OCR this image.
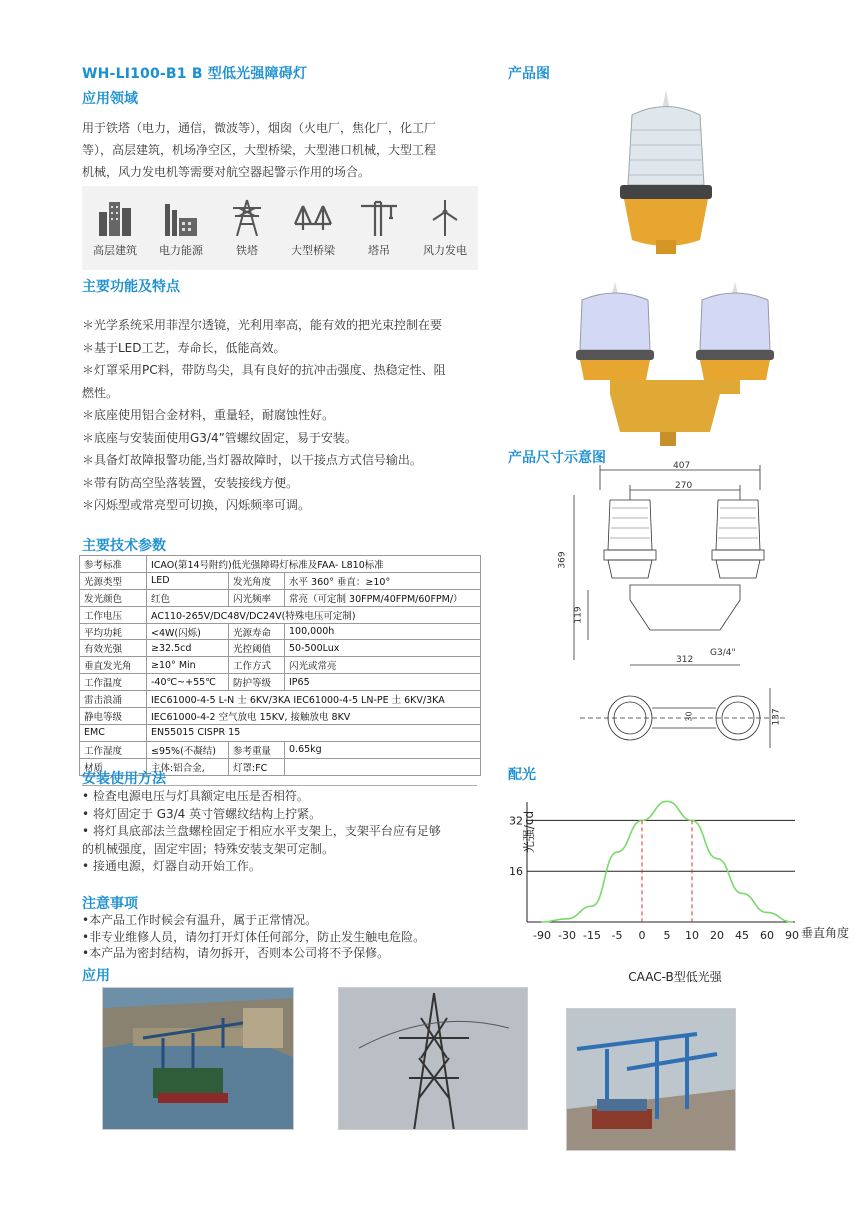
WH-LI100-B1 B 型低光强障碍灯
应用领域
用于铁塔（电力，通信，微波等），烟囱（火电厂，焦化厂，化工厂
等），高层建筑，机场净空区，大型桥梁，大型港口机械，大型工程
机械，风力发电机等需要对航空器起警示作用的场合。
高层建筑 电力能源	铁塔	大型桥梁	塔吊	风力发电
主要功能及特点
＊光学系统采用菲涅尔透镜，光利用率高，能有效的把光束控制在要
＊基于LED工艺，寿命长，低能高效。
＊灯罩采用PC料，带防鸟尖，具有良好的抗冲击强度、热稳定性、阻
燃性。
＊底座使用铝合金材料，重量轻，耐腐蚀性好。
＊底座与安装面使用G3/4”管螺纹固定，易于安装。
＊具备灯故障报警功能,当灯器故障时，以干接点方式信号输出。
＊带有防高空坠落装置，安装接线方便。
＊闪烁型或常亮型可切换，闪烁频率可调。
主要技术参数
参考标准	ICAO(第14号附约)低光强障碍灯标准及FAA- L810标准		
光源类型	LED	发光角度	水平 360° 垂直：≥10°
发光颜色	红色	闪光频率	常亮（可定制 30FPM/40FPM/60FPM/）
工作电压	AC110-265V/DC48V/DC24V(特殊电压可定制)		
平均功耗	<4W(闪烁)	光源寿命	100,000h
有效光强	≥32.5cd	光控阈值	50-500Lux
垂直发光角	≥10° Min	工作方式	闪光或常亮
工作温度	-40℃~+55℃	防护等级	IP65
雷击浪涌	IEC61000-4-5 L-N 士 6KV/3KA IEC61000-4-5 LN-PE 土 6KV/3KA		
静电等级	IEC61000-4-2 空气放电 15KV, 接触放电 8KV		
EMC	EN55015 CISPR 15		
工作湿度	≤95%(不凝结)	参考重量	0.65kg
材质	主体:铝合金,	灯罩:FC	
安装使用方法
• 检查电源电压与灯具额定电压是否相符。
• 将灯固定于 G3/4 英寸管螺纹结构上拧紧。
• 将灯具底部法兰盘螺栓固定于相应水平支架上，支架平台应有足够
的机械强度，固定牢固；特殊安装支架可定制。
• 接通电源，灯器自动开始工作。
注意事项
•本产品工作时候会有温升，属于正常情况。
•非专业维修人员，请勿打开灯体任何部分，防止发生触电危险。
•本产品为密封结构，请勿拆开，否则本公司将不予保修。
应用
产品图
产品尺寸示意图	407
270
369
119
312
G3/4"
137
30
配光
光强/cd
垂直角度
16
32
-90 -30 -15 -5 0 5 10 20 45 60 90
CAAC-B型低光强
